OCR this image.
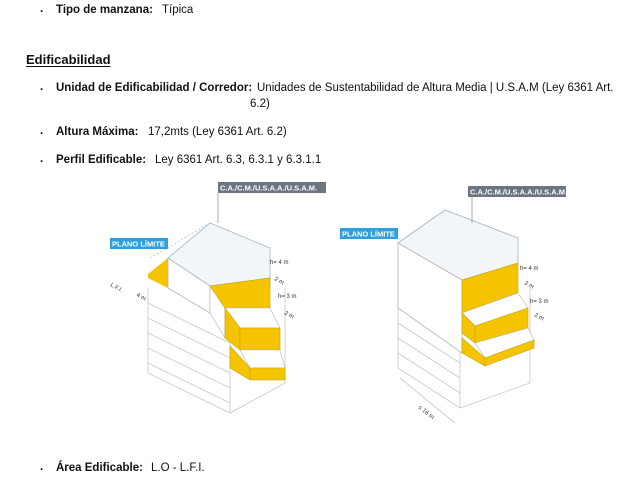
. Tipo de manzana: Típica
Edificabilidad
. Unidad de Edificabilidad / Corredor: Unidades de Sustentabilidad de Altura Media | U.S.A.M (Ley 6361 Art.
6.2)
. Altura Máxima: 17,2mts (Ley 6361 Art. 6.2)
. Perfil Edificable: Ley 6361 Art. 6.3, 6.3.1 y 6.3.1.1
C.A./C.M./U.S.A.A./U.S.A.M.
PLANO LÍMITE
h= 4 m
2 m
h= 3 m
2 m
L.F.I.
4 m
C.A./C.M./U.S.A.A./U.S.A.M.
PLANO LÍMITE
h= 4 m
2 m
h= 3 m
2 m
≤ 16 m
. Área Edificable: L.O - L.F.I.
